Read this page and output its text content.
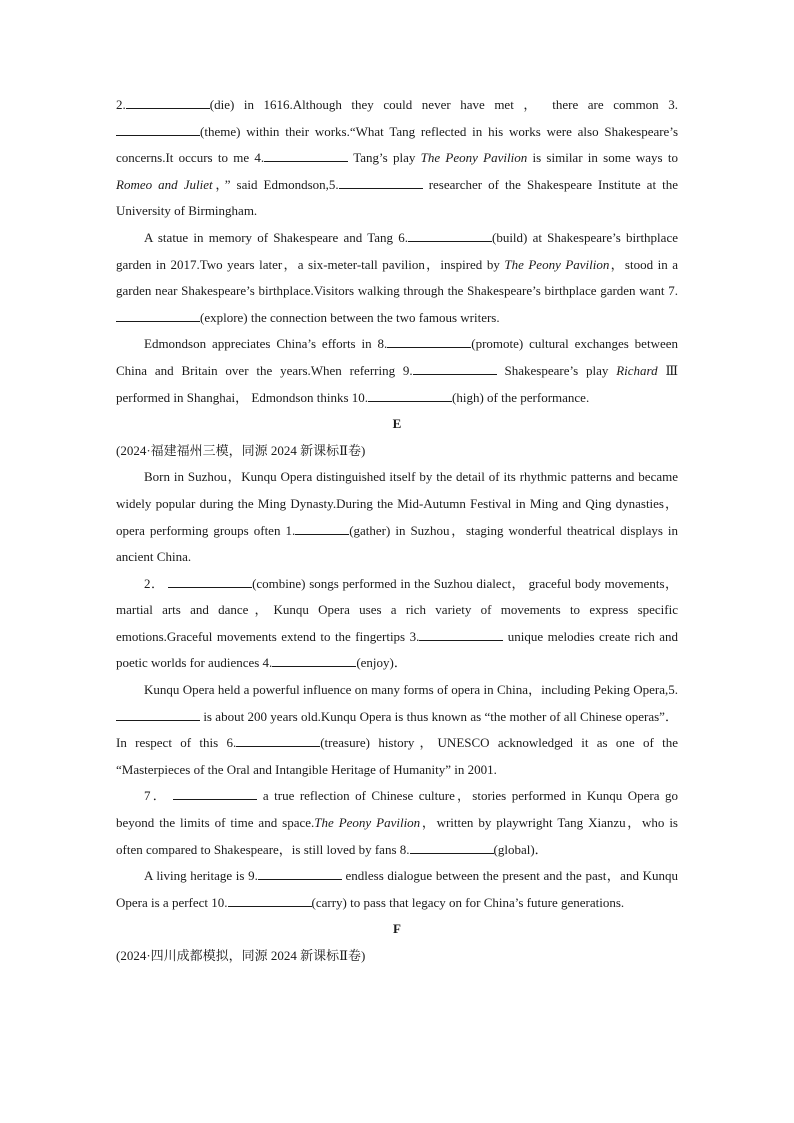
2.	(die) in 1616.Although they could never have met ， there are common 3.(theme) within their works.“What Tang reflected in his works were also Shakespeare’s concerns.It occurs to me 4.	Tang’s play The Peony Pavilion is similar in some ways to Romeo and Juliet，” said Edmondson,5.	researcher of the Shakespeare Institute at the University of Birmingham.

A statue in memory of Shakespeare and Tang 6.	(build) at Shakespeare’s birthplace garden in 2017.Two years later，a six-meter-tall pavilion，inspired by The Peony Pavilion，stood in a garden near Shakespeare’s birthplace.Visitors walking through the Shakespeare’s birthplace garden want 7.(explore) the connection between the two famous writers.

Edmondson appreciates China’s efforts in 8.	(promote) cultural exchanges between China and Britain over the years.When referring 9.	Shakespeare’s play Richard Ⅲ performed in Shanghai， Edmondson thinks 10.	(high) of the performance.

E

(2024·福建福州三模，同源 2024 新课标Ⅱ卷)

Born in Suzhou，Kunqu Opera distinguished itself by the detail of its rhythmic patterns and became widely popular during the Ming Dynasty.During the Mid-Autumn Festival in Ming and Qing dynasties，opera performing groups often 1.	(gather) in Suzhou，staging wonderful theatrical displays in ancient China.

2．	(combine) songs performed in the Suzhou dialect， graceful body movements，martial arts and dance，Kunqu Opera uses a rich variety of movements to express specific emotions.Graceful movements extend to the fingertips 3.	unique melodies create rich and poetic worlds for audiences 4.	(enjoy)．

Kunqu Opera held a powerful influence on many forms of opera in China，including Peking Opera,5. is about 200 years old.Kunqu Opera is thus known as “the mother of all Chinese operas”．In respect of this 6.	(treasure) history，UNESCO acknowledged it as one of the “Masterpieces of the Oral and Intangible Heritage of Humanity” in 2001.

7．	a true reflection of Chinese culture，stories performed in Kunqu Opera go beyond the limits of time and space.The Peony Pavilion，written by playwright Tang Xianzu，who is often compared to Shakespeare，is still loved by fans 8.	(global)．

A living heritage is 9.	endless dialogue between the present and the past，and Kunqu Opera is a perfect 10.	(carry) to pass that legacy on for China’s future generations.

F

(2024·四川成都模拟，同源 2024 新课标Ⅱ卷)
